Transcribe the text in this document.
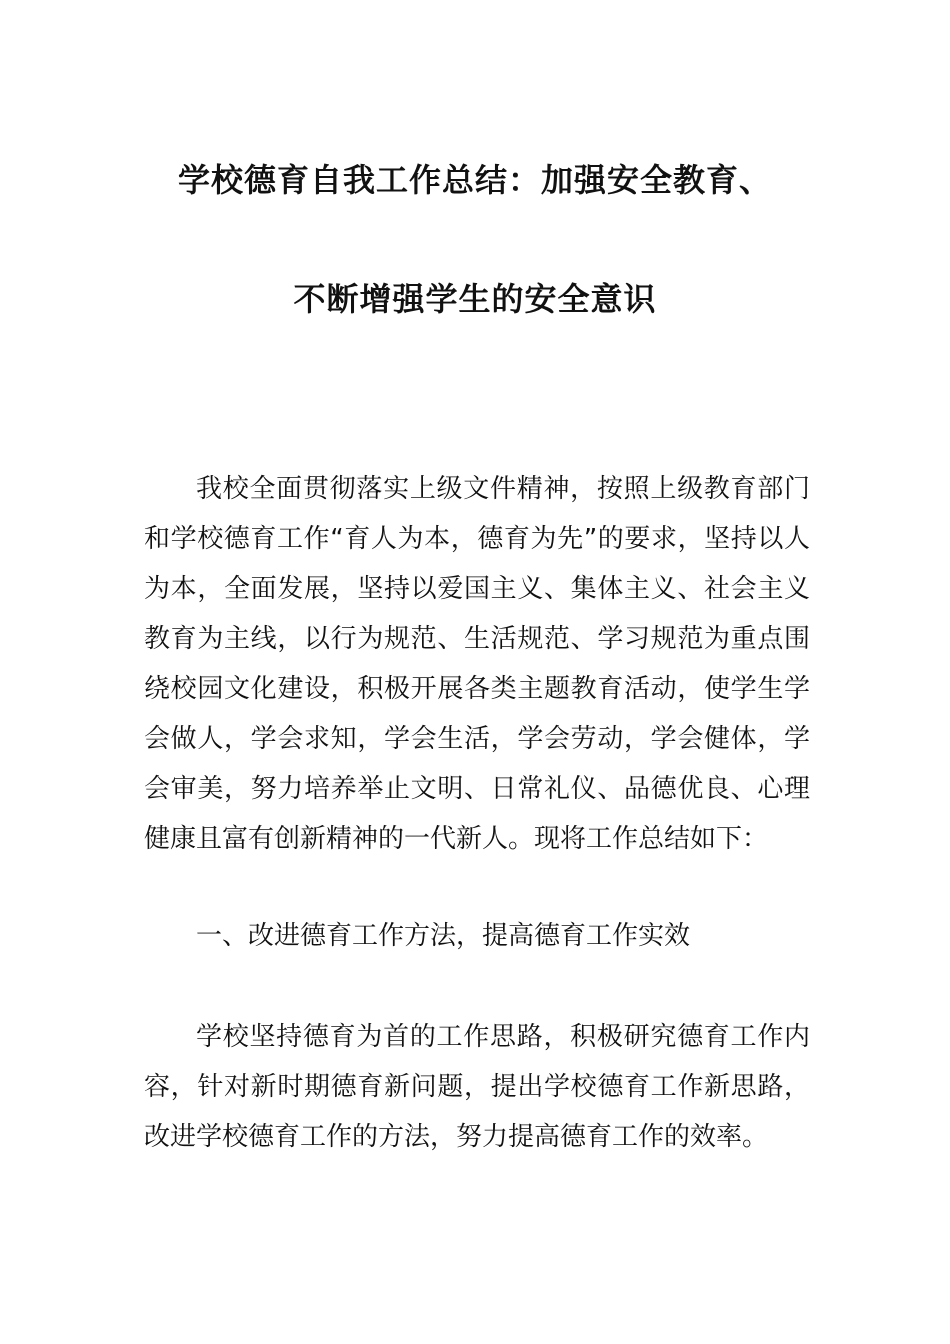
学校德育自我工作总结：加强安全教育、
不断增强学生的安全意识

我校全面贯彻落实上级文件精神，按照上级教育部门和学校德育工作“育人为本，德育为先”的要求，坚持以人为本，全面发展，坚持以爱国主义、集体主义、社会主义教育为主线，以行为规范、生活规范、学习规范为重点围绕校园文化建设，积极开展各类主题教育活动，使学生学会做人，学会求知，学会生活，学会劳动，学会健体，学会审美，努力培养举止文明、日常礼仪、品德优良、心理健康且富有创新精神的一代新人。现将工作总结如下：

一、改进德育工作方法，提高德育工作实效

学校坚持德育为首的工作思路，积极研究德育工作内容，针对新时期德育新问题，提出学校德育工作新思路，改进学校德育工作的方法，努力提高德育工作的效率。
